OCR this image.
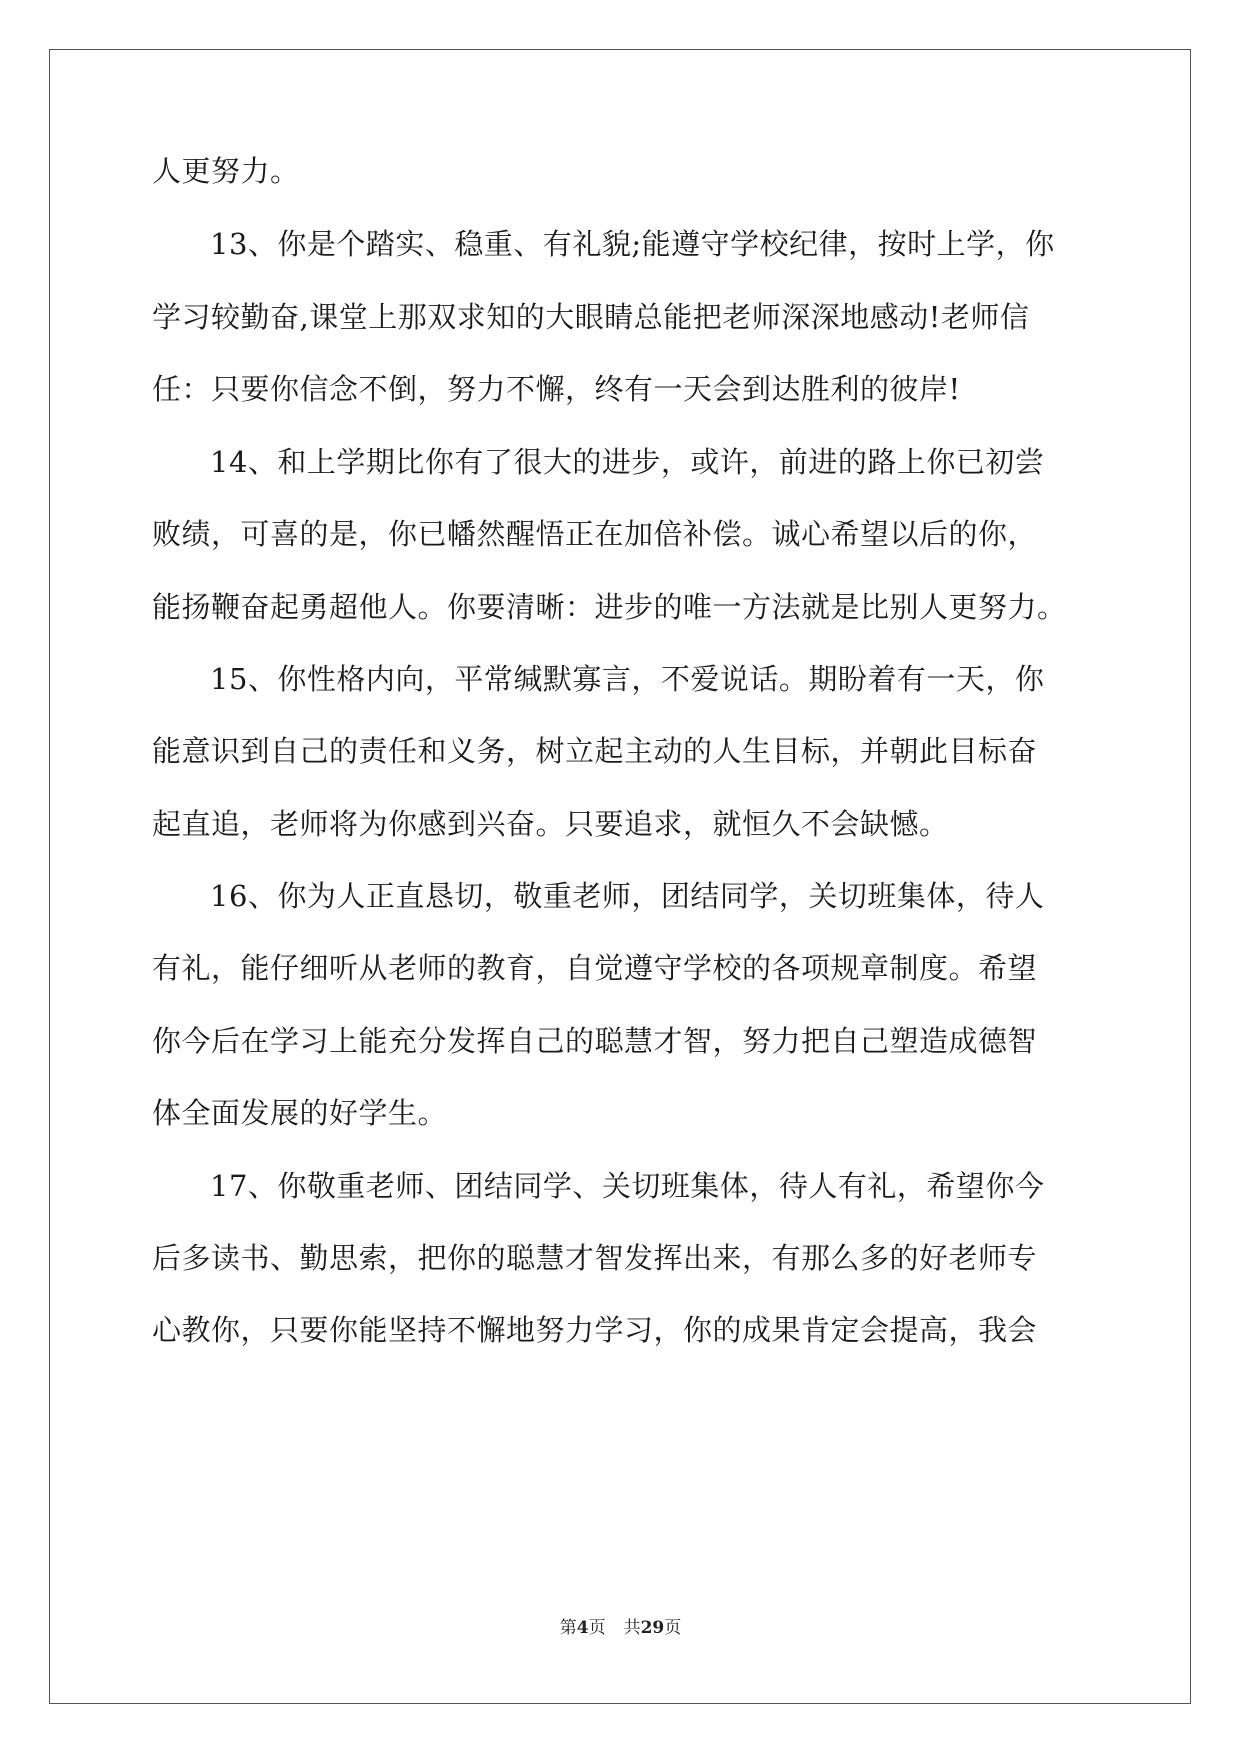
人更努力。
13、你是个踏实、稳重、有礼貌;能遵守学校纪律，按时上学，你
学习较勤奋,课堂上那双求知的大眼睛总能把老师深深地感动!老师信
任：只要你信念不倒，努力不懈，终有一天会到达胜利的彼岸!
14、和上学期比你有了很大的进步，或许，前进的路上你已初尝
败绩，可喜的是，你已幡然醒悟正在加倍补偿。诚心希望以后的你，
能扬鞭奋起勇超他人。你要清晰：进步的唯一方法就是比别人更努力。
15、你性格内向，平常缄默寡言，不爱说话。期盼着有一天，你
能意识到自己的责任和义务，树立起主动的人生目标，并朝此目标奋
起直追，老师将为你感到兴奋。只要追求，就恒久不会缺憾。
16、你为人正直恳切，敬重老师，团结同学，关切班集体，待人
有礼，能仔细听从老师的教育，自觉遵守学校的各项规章制度。希望
你今后在学习上能充分发挥自己的聪慧才智，努力把自己塑造成德智
体全面发展的好学生。
17、你敬重老师、团结同学、关切班集体，待人有礼，希望你今
后多读书、勤思索，把你的聪慧才智发挥出来，有那么多的好老师专
心教你，只要你能坚持不懈地努力学习，你的成果肯定会提高，我会
第4页 共29页
